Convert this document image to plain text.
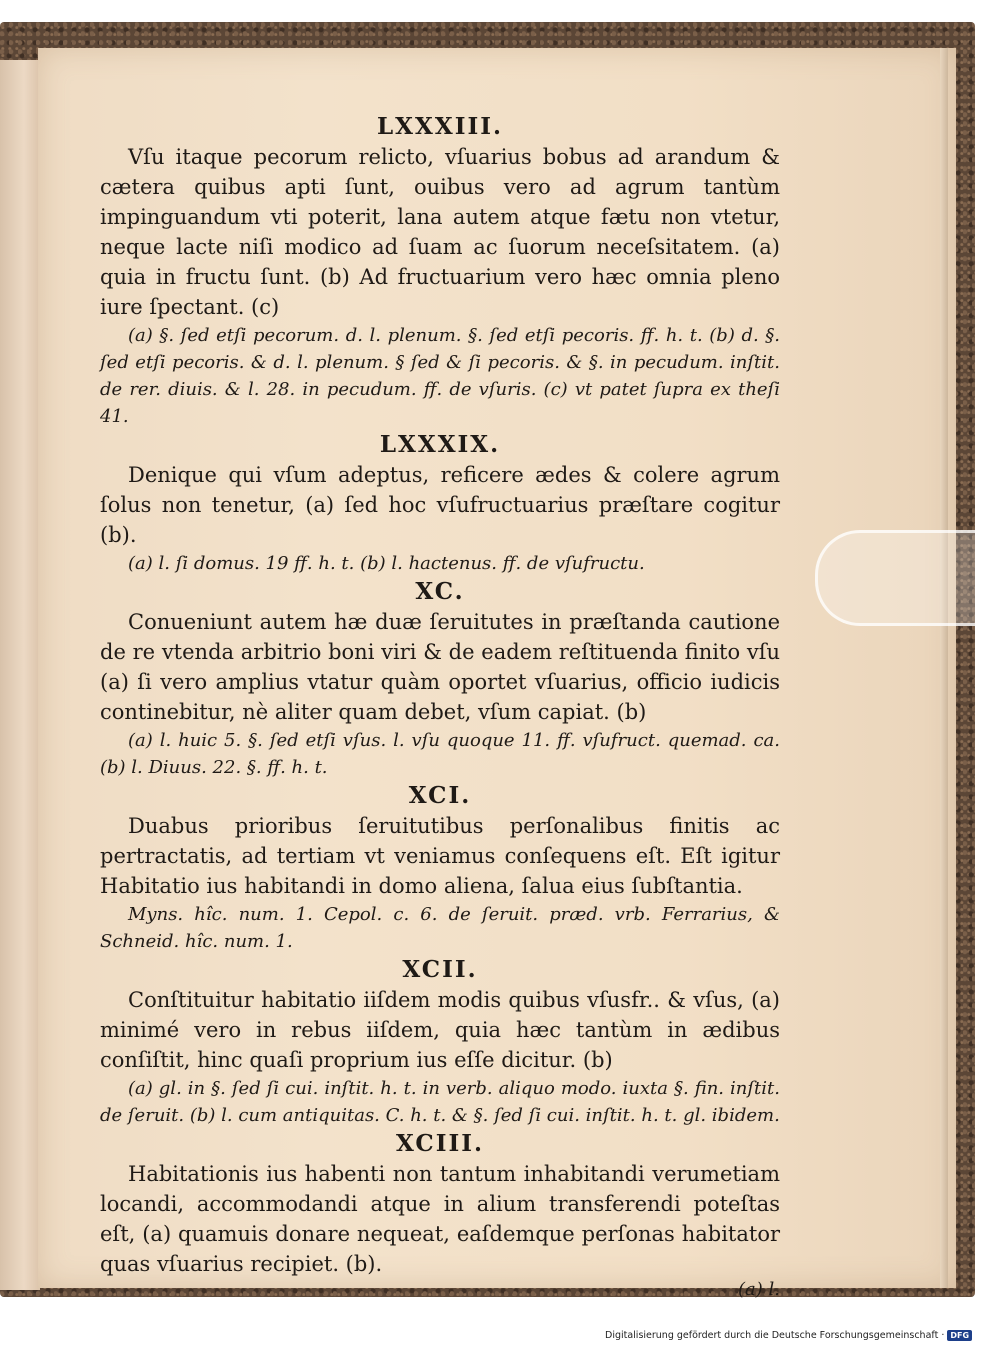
LXXXIII.

Vſu itaque pecorum relicto, vſuarius bobus ad arandum & cætera quibus apti ſunt, ouibus vero ad agrum tantùm impinguandum vti poterit, lana autem atque fætu non vtetur, neque lacte niſi modico ad ſuam ac ſuorum neceſsitatem. (a) quia in fructu ſunt. (b) Ad fructuarium vero hæc omnia pleno iure ſpectant. (c)

(a) §. ſed etſi pecorum. d. l. plenum. §. ſed etſi pecoris. ff. h. t. (b) d. §. ſed etſi pecoris. & d. l. plenum. § ſed & ſi pecoris. & §. in pecudum. inſtit. de rer. diuis. & l. 28. in pecudum. ff. de vſuris. (c) vt patet ſupra ex theſi 41.

LXXXIX.

Denique qui vſum adeptus, reficere ædes & colere agrum ſolus non tenetur, (a) ſed hoc vſufructuarius præſtare cogitur (b).

(a) l. ſi domus. 19 ff. h. t. (b) l. hactenus. ff. de vſufructu.

XC.

Conueniunt autem hæ duæ ſeruitutes in præſtanda cautione de re vtenda arbitrio boni viri & de eadem reſtituenda finito vſu (a) ſi vero amplius vtatur quàm oportet vſuarius, officio iudicis continebitur, nè aliter quam debet, vſum capiat. (b)

(a) l. huic 5. §. ſed etſi vſus. l. vſu quoque 11. ff. vſufruct. quemad. ca. (b) l. Diuus. 22. §. ff. h. t.

XCI.

Duabus prioribus ſeruitutibus perſonalibus finitis ac pertractatis, ad tertiam vt veniamus conſequens eſt. Eſt igitur Habitatio ius habitandi in domo aliena, ſalua eius ſubſtantia.

Myns. hîc. num. 1. Cepol. c. 6. de ſeruit. præd. vrb. Ferrarius, & Schneid. hîc. num. 1.

XCII.

Conſtituitur habitatio iiſdem modis quibus vſusfr.. & vſus, (a) minimé vero in rebus iiſdem, quia hæc tantùm in ædibus conſiſtit, hinc quaſi proprium ius eſſe dicitur. (b)

(a) gl. in §. ſed ſi cui. inſtit. h. t. in verb. aliquo modo. iuxta §. fin. inſtit. de ſeruit. (b) l. cum antiquitas. C. h. t. & §. ſed ſi cui. inſtit. h. t. gl. ibidem.

XCIII.

Habitationis ius habenti non tantum inhabitandi verumetiam locandi, accommodandi atque in alium transferendi poteſtas eſt, (a) quamuis donare nequeat, eaſdemque perſonas habitator quas vſuarius recipiet. (b).

(a) l.

Digitalisierung gefördert durch die Deutsche Forschungsgemeinschaft · DFG
